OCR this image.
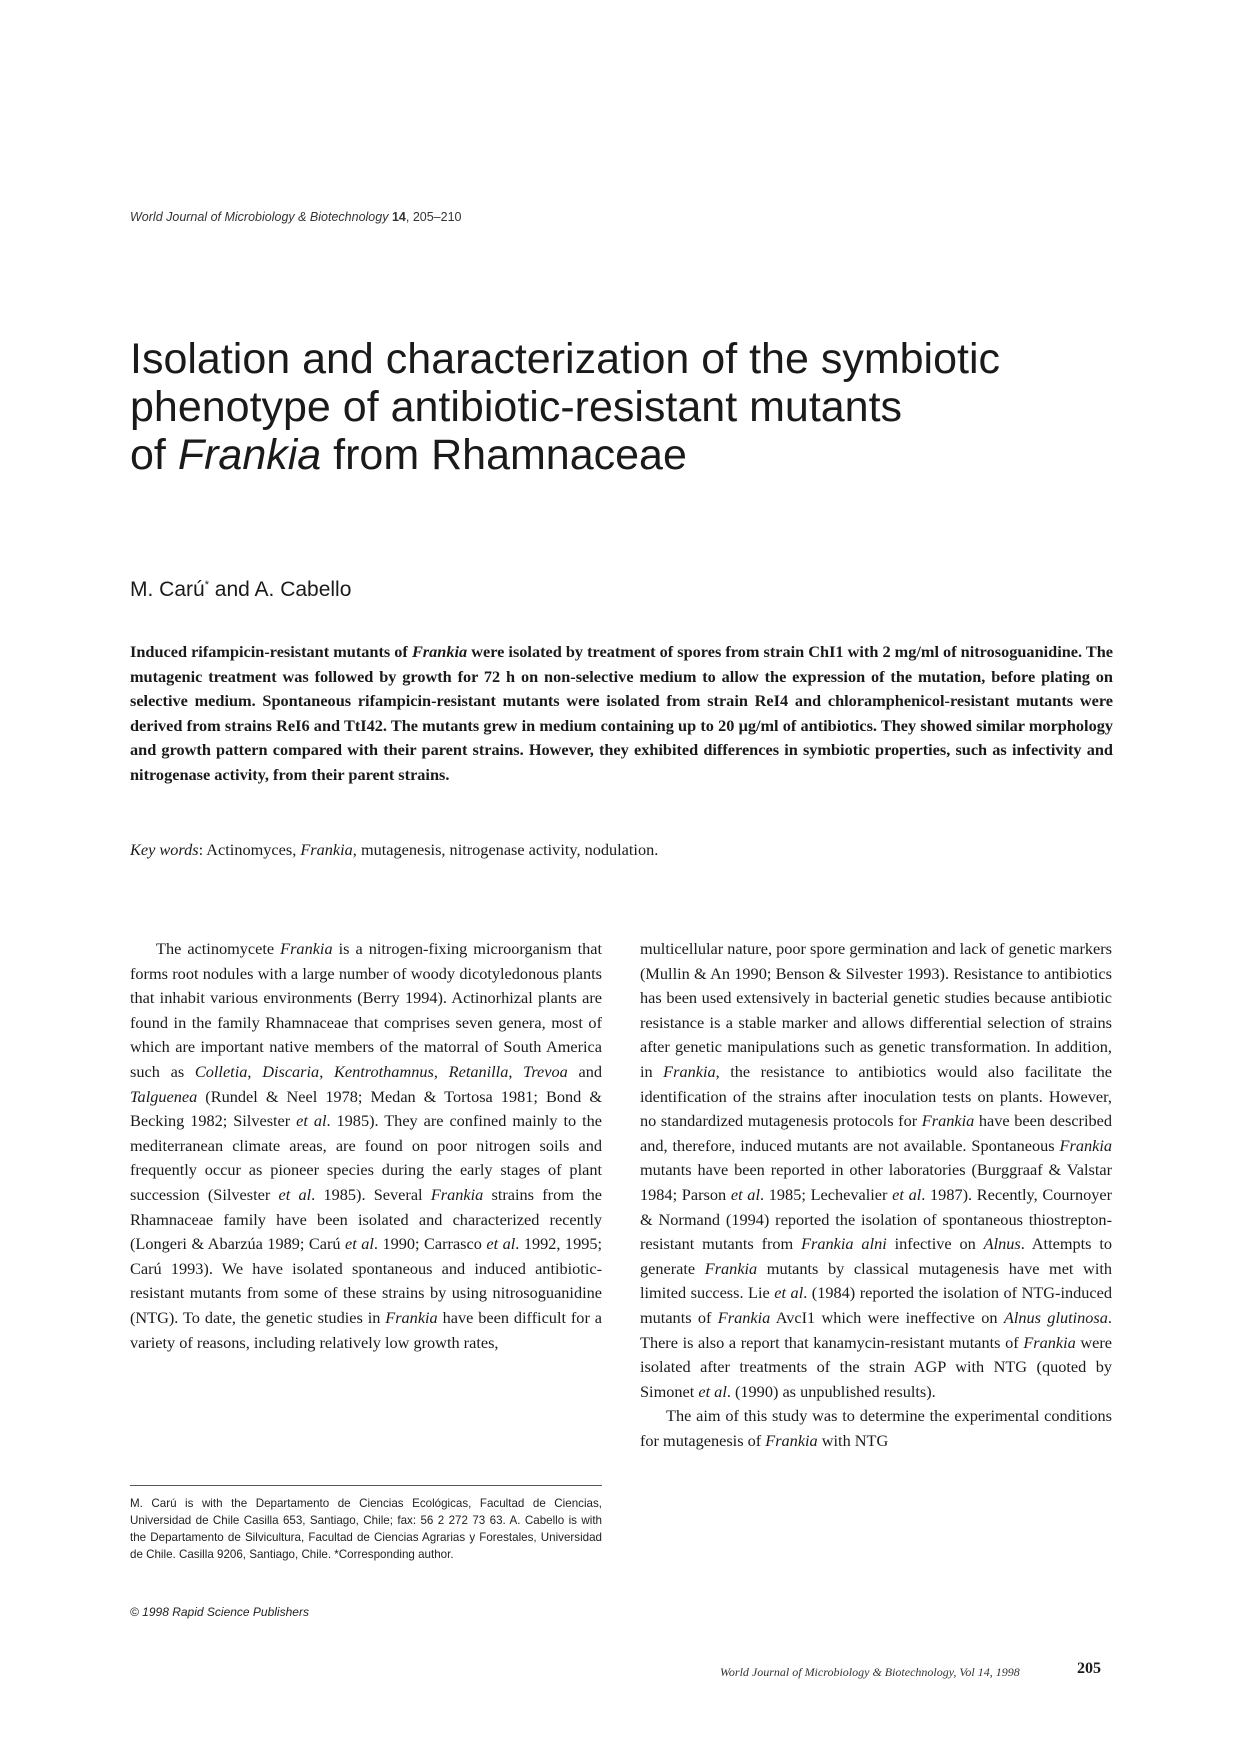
World Journal of Microbiology & Biotechnology 14, 205–210
Isolation and characterization of the symbiotic
phenotype of antibiotic-resistant mutants
of Frankia from Rhamnaceae
M. Carú* and A. Cabello

Induced rifampicin-resistant mutants of Frankia were isolated by treatment of spores from strain ChI1 with 2 mg/ml of nitrosoguanidine. The mutagenic treatment was followed by growth for 72 h on non-selective medium to allow the expression of the mutation, before plating on selective medium. Spontaneous rifampicin-resistant mutants were isolated from strain ReI4 and chloramphenicol-resistant mutants were derived from strains ReI6 and TtI42. The mutants grew in medium containing up to 20 μg/ml of antibiotics. They showed similar morphology and growth pattern compared with their parent strains. However, they exhibited differences in symbiotic properties, such as infectivity and nitrogenase activity, from their parent strains.

Key words: Actinomyces, Frankia, mutagenesis, nitrogenase activity, nodulation.

The actinomycete Frankia is a nitrogen-fixing microorganism that forms root nodules with a large number of woody dicotyledonous plants that inhabit various environments (Berry 1994). Actinorhizal plants are found in the family Rhamnaceae that comprises seven genera, most of which are important native members of the matorral of South America such as Colletia, Discaria, Kentrothamnus, Retanilla, Trevoa and Talguenea (Rundel & Neel 1978; Medan & Tortosa 1981; Bond & Becking 1982; Silvester et al. 1985). They are confined mainly to the mediterranean climate areas, are found on poor nitrogen soils and frequently occur as pioneer species during the early stages of plant succession (Silvester et al. 1985). Several Frankia strains from the Rhamnaceae family have been isolated and characterized recently (Longeri & Abarzúa 1989; Carú et al. 1990; Carrasco et al. 1992, 1995; Carú 1993). We have isolated spontaneous and induced antibiotic-resistant mutants from some of these strains by using nitrosoguanidine (NTG). To date, the genetic studies in Frankia have been difficult for a variety of reasons, including relatively low growth rates,

multicellular nature, poor spore germination and lack of genetic markers (Mullin & An 1990; Benson & Silvester 1993). Resistance to antibiotics has been used extensively in bacterial genetic studies because antibiotic resistance is a stable marker and allows differential selection of strains after genetic manipulations such as genetic transformation. In addition, in Frankia, the resistance to antibiotics would also facilitate the identification of the strains after inoculation tests on plants. However, no standardized mutagenesis protocols for Frankia have been described and, therefore, induced mutants are not available. Spontaneous Frankia mutants have been reported in other laboratories (Burggraaf & Valstar 1984; Parson et al. 1985; Lechevalier et al. 1987). Recently, Cournoyer & Normand (1994) reported the isolation of spontaneous thiostrepton-resistant mutants from Frankia alni infective on Alnus. Attempts to generate Frankia mutants by classical mutagenesis have met with limited success. Lie et al. (1984) reported the isolation of NTG-induced mutants of Frankia AvcI1 which were ineffective on Alnus glutinosa. There is also a report that kanamycin-resistant mutants of Frankia were isolated after treatments of the strain AGP with NTG (quoted by Simonet et al. (1990) as unpublished results).

The aim of this study was to determine the experimental conditions for mutagenesis of Frankia with NTG

M. Carú is with the Departamento de Ciencias Ecológicas, Facultad de Ciencias, Universidad de Chile Casilla 653, Santiago, Chile; fax: 56 2 272 73 63. A. Cabello is with the Departamento de Silvicultura, Facultad de Ciencias Agrarias y Forestales, Universidad de Chile. Casilla 9206, Santiago, Chile. *Corresponding author.

© 1998 Rapid Science Publishers
World Journal of Microbiology & Biotechnology, Vol 14, 1998	205
